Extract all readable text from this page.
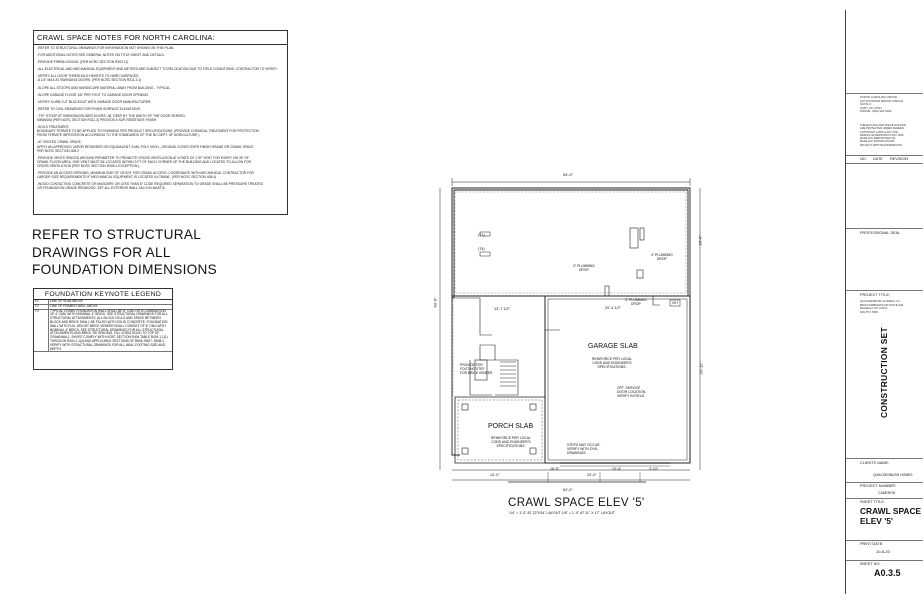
CRAWL SPACE NOTES FOR NORTH CAROLINA:
-REFER TO STRUCTURAL DRAWINGS FOR INFORMATION NOT SHOWN ON THIS PLAN.
-FOR ADDITIONAL NOTES SEE GENERAL NOTES ON TITLE SHEET AND DETAILS.
-PROVIDE FIREBLOCKING. (PER NCRC SECTION R302.11)
-ALL ELECTRICAL AND MECHANICAL EQUIPMENT AND METERS ARE SUBJECT TO RELOCATION DUE TO FIELD CONDITIONS. CONTRACTOR TO VERIFY.
-VERIFY ALL DOOR THRESHOLD HEIGHTS TO HARD SURFACES.
-8 1/4" MAX AT SWINGING DOORS. (PER NCRC SECTION R311.3.1)
-SLOPE ALL STOOPS AND HARDSCAPE MATERIAL AWAY FROM BUILDING - TYPICAL.
-SLOPE GARAGE FLOOR 1/8" PER FOOT TO GARAGE DOOR OPENING.
-VERIFY CURB CUT BLOCKOUT WITH GARAGE DOOR MANUFACTURER.
-REFER TO CIVIL DRAWINGS FOR FINISH SURFACE ELEVATIONS.
-TYP. STOOP AT SWINGING/SLIDER DOORS: 36" DEEP BY THE WIDTH OF THE DOOR SERVED.
MINIMUM (PER NCRC SECTION R311.3) PROVIDE A SUP-RESISTANT FINISH.
-SOILS TREATMENT:
BOUNDARY TERMITE TO BE APPLIED TO FINISHING PER PRODUCT SPECIFICATIONS. (PROVIDE CHEMICAL TREATMENT FOR PROTECTION
FROM TERMITE INFESTATION ACCORDING TO THE STANDARDS OF THE NC DEPT. OF AGRICULTURE.)
-AT VENTED CRAWL SPACE:
APPLY AN APPROVED VAPOR RETARDER OR EQUIVALENT, 6 MIL POLY VINYL, GROUND COVER OVER FINISH GRADE OR CRAWL SPACE.
PER NCRC SECTION 408.2
-PROVIDE VENTS SPACED AROUND PERIMETER TO PROMOTE CROSS VENTILATION AT A RATE OF 1 SF VENT FOR EVERY 150 SF OF
CRAWL FLOOR AREA. ONE VENT MUST BE LOCATED WITHIN 3 FT OF EACH CORNER OF THE BUILDING AND LOCATED TO ALLOW FOR
CROSS VENTILATION (PER NCRC SECTION R408.1 EXCEPTION.)
-PROVIDE AN ACCESS OPENING, MINIMUM SIZE OF 18"X24" FOR CRAWL ACCESS. COORDINATE WITH MECHANICAL CONTRACTOR FOR
LARGER SIZE REQUIREMENTS IF MECHANICAL EQUIPMENT IS LOCATED IN CRAWL. (PER NCRC SECTION 408.4)
-WOOD CONTACTING CONCRETE OR MASONRY OR LESS THAN 8" CODE REQUIRED SEPARATION TO GRADE SHALL BE PRESSURE TREATED
OR FOUNDATION GRADE REDWOOD. SET ALL EXTERIOR WALL SILLS IN MASTIC.
REFER TO STRUCTURAL
DRAWINGS FOR ALL
FOUNDATION DIMENSIONS
FOUNDATION KEYNOTE LEGEND
F1	LINE OF SLAB ABOVE
F2	LINE OF FRAMED WALL ABOVE
F3	TYPICAL CRAWL FOUNDATION WALL SHALL BE 8" CMU OR A COMBINATION OF 4" CMU WITH NOMINAL 4" BRICK. SEE STRUCTURAL DRAWINGS FOR ALL STRUCTURAL ATTACHMENTS. ALL BLOCK CELLS AND SPACE BETWEEN BLOCK AND BRICK SHALL BE FILLED WITH SOLID CONCRETE. FOUNDATION WALL WITH FULL HEIGHT BRICK VENEER SHALL CONSIST OF 8" CMU WITH NOMINAL 4" BRICK. SEE STRUCTURAL DRAWINGS FOR ALL STRUCTURAL ATTACHMENTS AND BRICK TIE SPACING. FILL VOIDS SOLID TO TOP OF CRAWLWALL. SHORT COMPLY WITH NCRC SECTION R404 TABLE R404.1.1(1) THROUGH R404.1.1(4) AND APPLICABLE SECTIONS OF R606, R607, R608.1. VERIFY WITH STRUCTURAL DRAWINGS FOR ALL WALL FOOTING SIZE AND DEPTH.
54'-0"
40'-0"
18'-0"
20'-11"
20'-4 1/2"
13'-7 1/2"
22'-0"
14'-0"
10'-4"
54'-0"
3'-10"
16'-0"
(T1)
(T4)
VIH
3" PLUMBING
DROP
4" PLUMBING
DROP
3" PLUMBING
DROP
PROVIDE FOR
FOOTING STEP
FOR BRICK VENEER
GARAGE SLAB
REINFORCE PER LOCAL
CODE AND ENGINEER'S
SPECIFICATIONS.
OPT. SERVICE
DOOR LOCATION,
VERIFY IN FIELD.
PORCH SLAB
REINFORCE PER LOCAL
CODE AND ENGINEER'S
SPECIFICATIONS.	STEPS MAY OCCUR,
VERIFY WITH CIVIL
DRAWINGS.
CRAWL SPACE ELEV '5'
1/4" = 1'-0" AT 22"X34" LAYOUT 1/8" = 1'-0" AT 11" X 17" LAYOUT
NORTH CAROLINA OFFICE
102 FOUNTAIN BROOK CIRCLE
SUITE C
CARY, NC 27511
PHONE: (919) 322-5022
THESE PLANS AND SPECIFICATIONS
ARE PROTECTED UNDER FEDERAL
COPYRIGHT LAWS & ANY USE,
DESIGN OR REPRODUCTION, NOR
MAKE ANY DERIVATIVES OR
MAKE ANY MODIFICATIONS
WITHOUT WRITTEN PERMISSION.
NO. DATE REVISION
PROFESSIONAL SEAL
PROJECT TITLE:
QUACKENBUSH HOMES LLC
8000 FAIRBANKS DR SUITE 304
RALEIGH, NC 27613
919-757-7965
CLIENTS NAME:
QUACKENBUSH HOMES
PROJECT NUMBER:
CAMERON
SHEET TITLE:
CRAWL SPACE
ELEV '5'
PRINT DATE:
10-8-20
SHEET NO:
A0.3.5
CONSTRUCTION SET
